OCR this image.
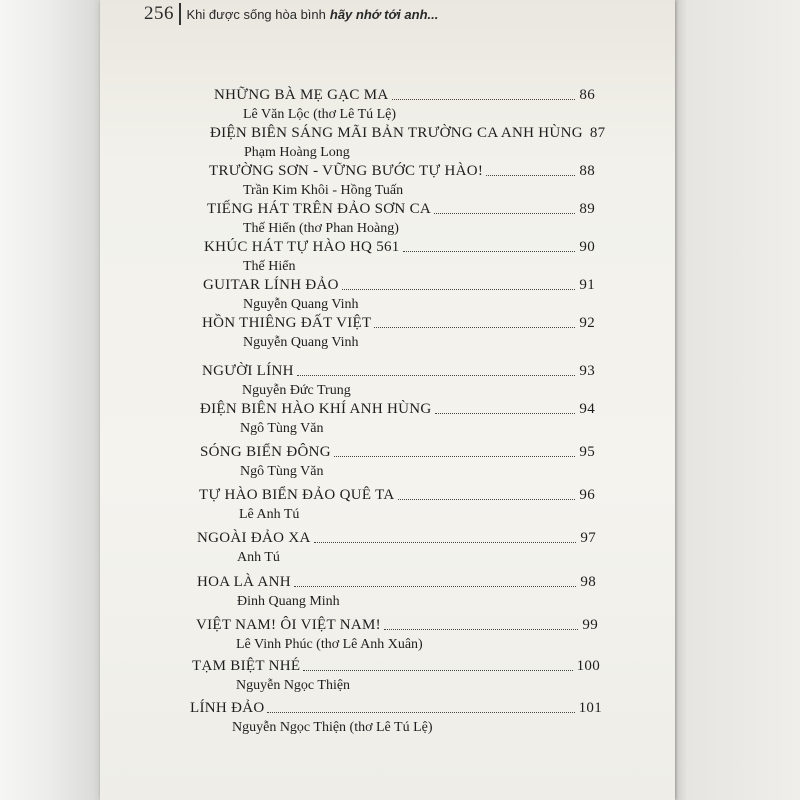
256 Khi được sống hòa bình hãy nhớ tới anh...
NHỮNG BÀ MẸ GẠC MA	86
Lê Văn Lộc (thơ Lê Tú Lệ)
ĐIỆN BIÊN SÁNG MÃI BẢN TRƯỜNG CA ANH HÙNG 87
Phạm Hoàng Long
TRƯỜNG SƠN - VỮNG BƯỚC TỰ HÀO!	88
Trần Kim Khôi - Hồng Tuấn
TIẾNG HÁT TRÊN ĐẢO SƠN CA	89
Thế Hiển (thơ Phan Hoàng)
KHÚC HÁT TỰ HÀO HQ 561	90
Thế Hiển
GUITAR LÍNH ĐẢO	91
Nguyễn Quang Vinh
HỒN THIÊNG ĐẤT VIỆT	92
Nguyễn Quang Vinh
NGƯỜI LÍNH	93
Nguyễn Đức Trung
ĐIỆN BIÊN HÀO KHÍ ANH HÙNG	94
Ngô Tùng Văn
SÓNG BIỂN ĐÔNG	95
Ngô Tùng Văn
TỰ HÀO BIỂN ĐẢO QUÊ TA	96
Lê Anh Tú
NGOÀI ĐẢO XA	97
Anh Tú
HOA LÀ ANH	98
Đinh Quang Minh
VIỆT NAM! ÔI VIỆT NAM!	99
Lê Vinh Phúc (thơ Lê Anh Xuân)
TẠM BIỆT NHÉ	100
Nguyễn Ngọc Thiện
LÍNH ĐẢO	101
Nguyễn Ngọc Thiện (thơ Lê Tú Lệ)
